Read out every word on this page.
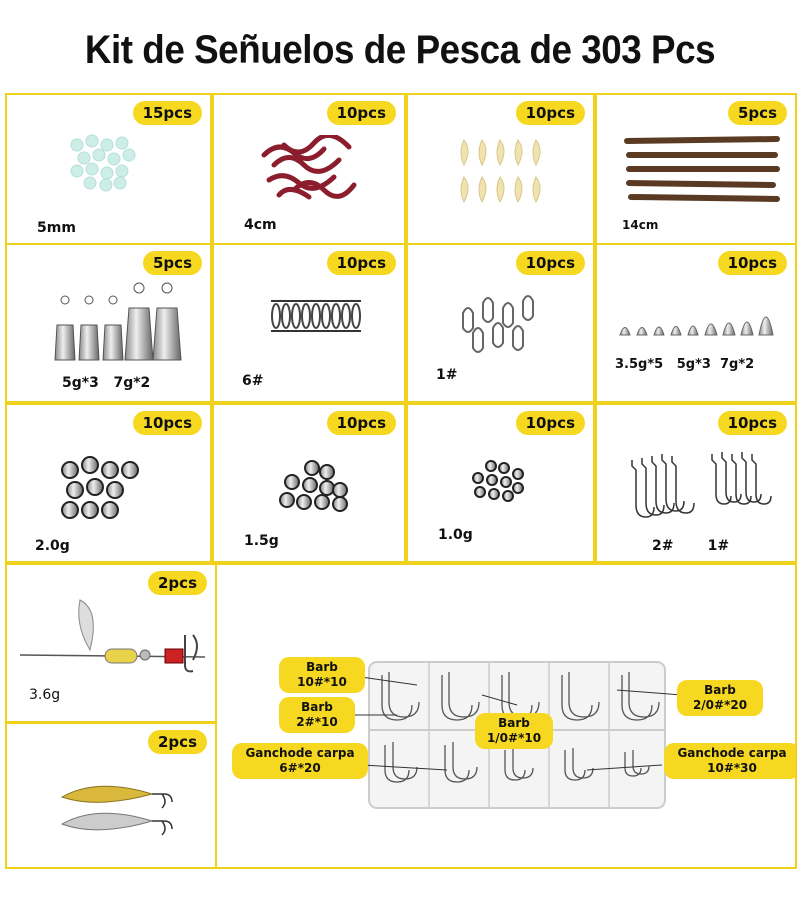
Kit de Señuelos de Pesca de 303 Pcs
15pcs
5mm
10pcs
4cm
10pcs	5pcs
14cm
5pcs
5g*3   7g*2
10pcs
6#
10pcs
1#
10pcs
3.5g*5   5g*3  7g*2
10pcs
2.0g
10pcs
1.5g
10pcs
1.0g
10pcs
2#       1#
2pcs
3.6g
2pcs
Barb
10#*10
Barb
2#*10	Barb
1/0#*10
Barb
2/0#*20
Ganchode carpa
6#*20
Ganchode carpa
10#*30
